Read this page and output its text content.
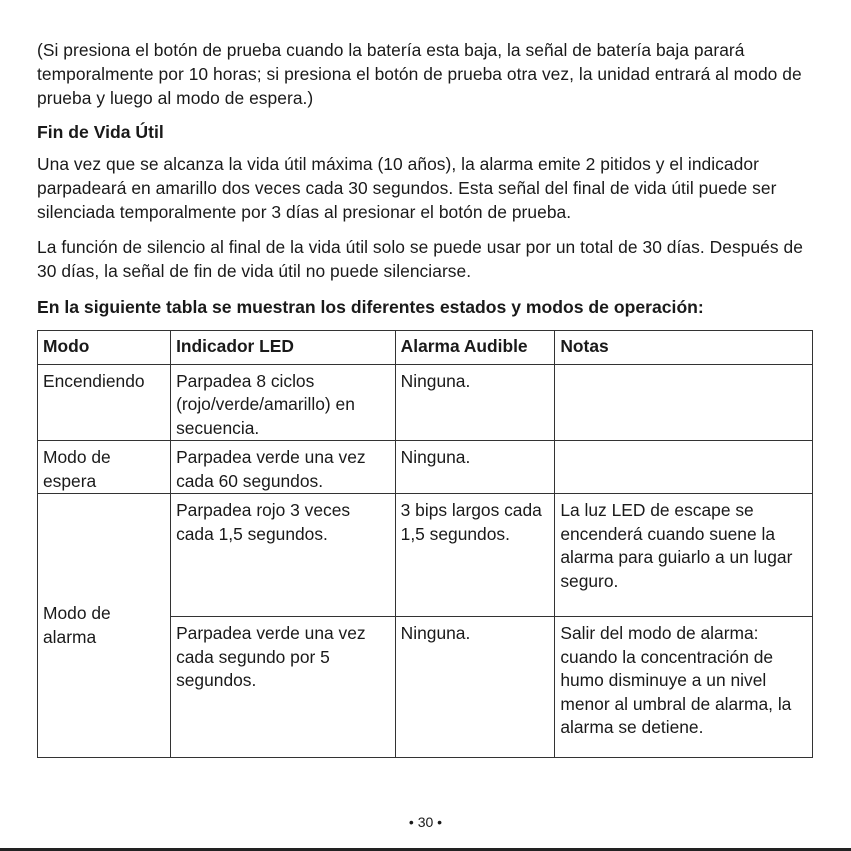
(Si presiona el botón de prueba cuando la batería esta baja, la señal de batería baja parará temporalmente por 10 horas; si presiona el botón de prueba otra vez, la unidad entrará al modo de prueba y luego al modo de espera.)

Fin de Vida Útil

Una vez que se alcanza la vida útil máxima (10 años), la alarma emite 2 pitidos y el indicador parpadeará en amarillo dos veces cada 30 segundos. Esta señal del final de vida útil puede ser silenciada temporalmente por 3 días al presionar el botón de prueba.

La función de silencio al final de la vida útil solo se puede usar por un total de 30 días. Después de 30 días, la señal de fin de vida útil no puede silenciarse.

En la siguiente tabla se muestran los diferentes estados y modos de operación:
Modo	Indicador LED	Alarma Audible	Notas
Encendiendo	Parpadea 8 ciclos (rojo/verde/amarillo) en secuencia.	Ninguna.	
Modo de espera	Parpadea verde una vez cada 60 segundos.	Ninguna.	
Modo de alarma	Parpadea rojo 3 veces cada 1,5 segundos.	3 bips largos cada 1,5 segundos.	La luz LED de escape se encenderá cuando suene la alarma para guiarlo a un lugar seguro.
	Parpadea verde una vez cada segundo por 5 segundos.	Ninguna.	Salir del modo de alarma: cuando la concentración de humo disminuye a un nivel menor al umbral de alarma, la alarma se detiene.
• 30 •
